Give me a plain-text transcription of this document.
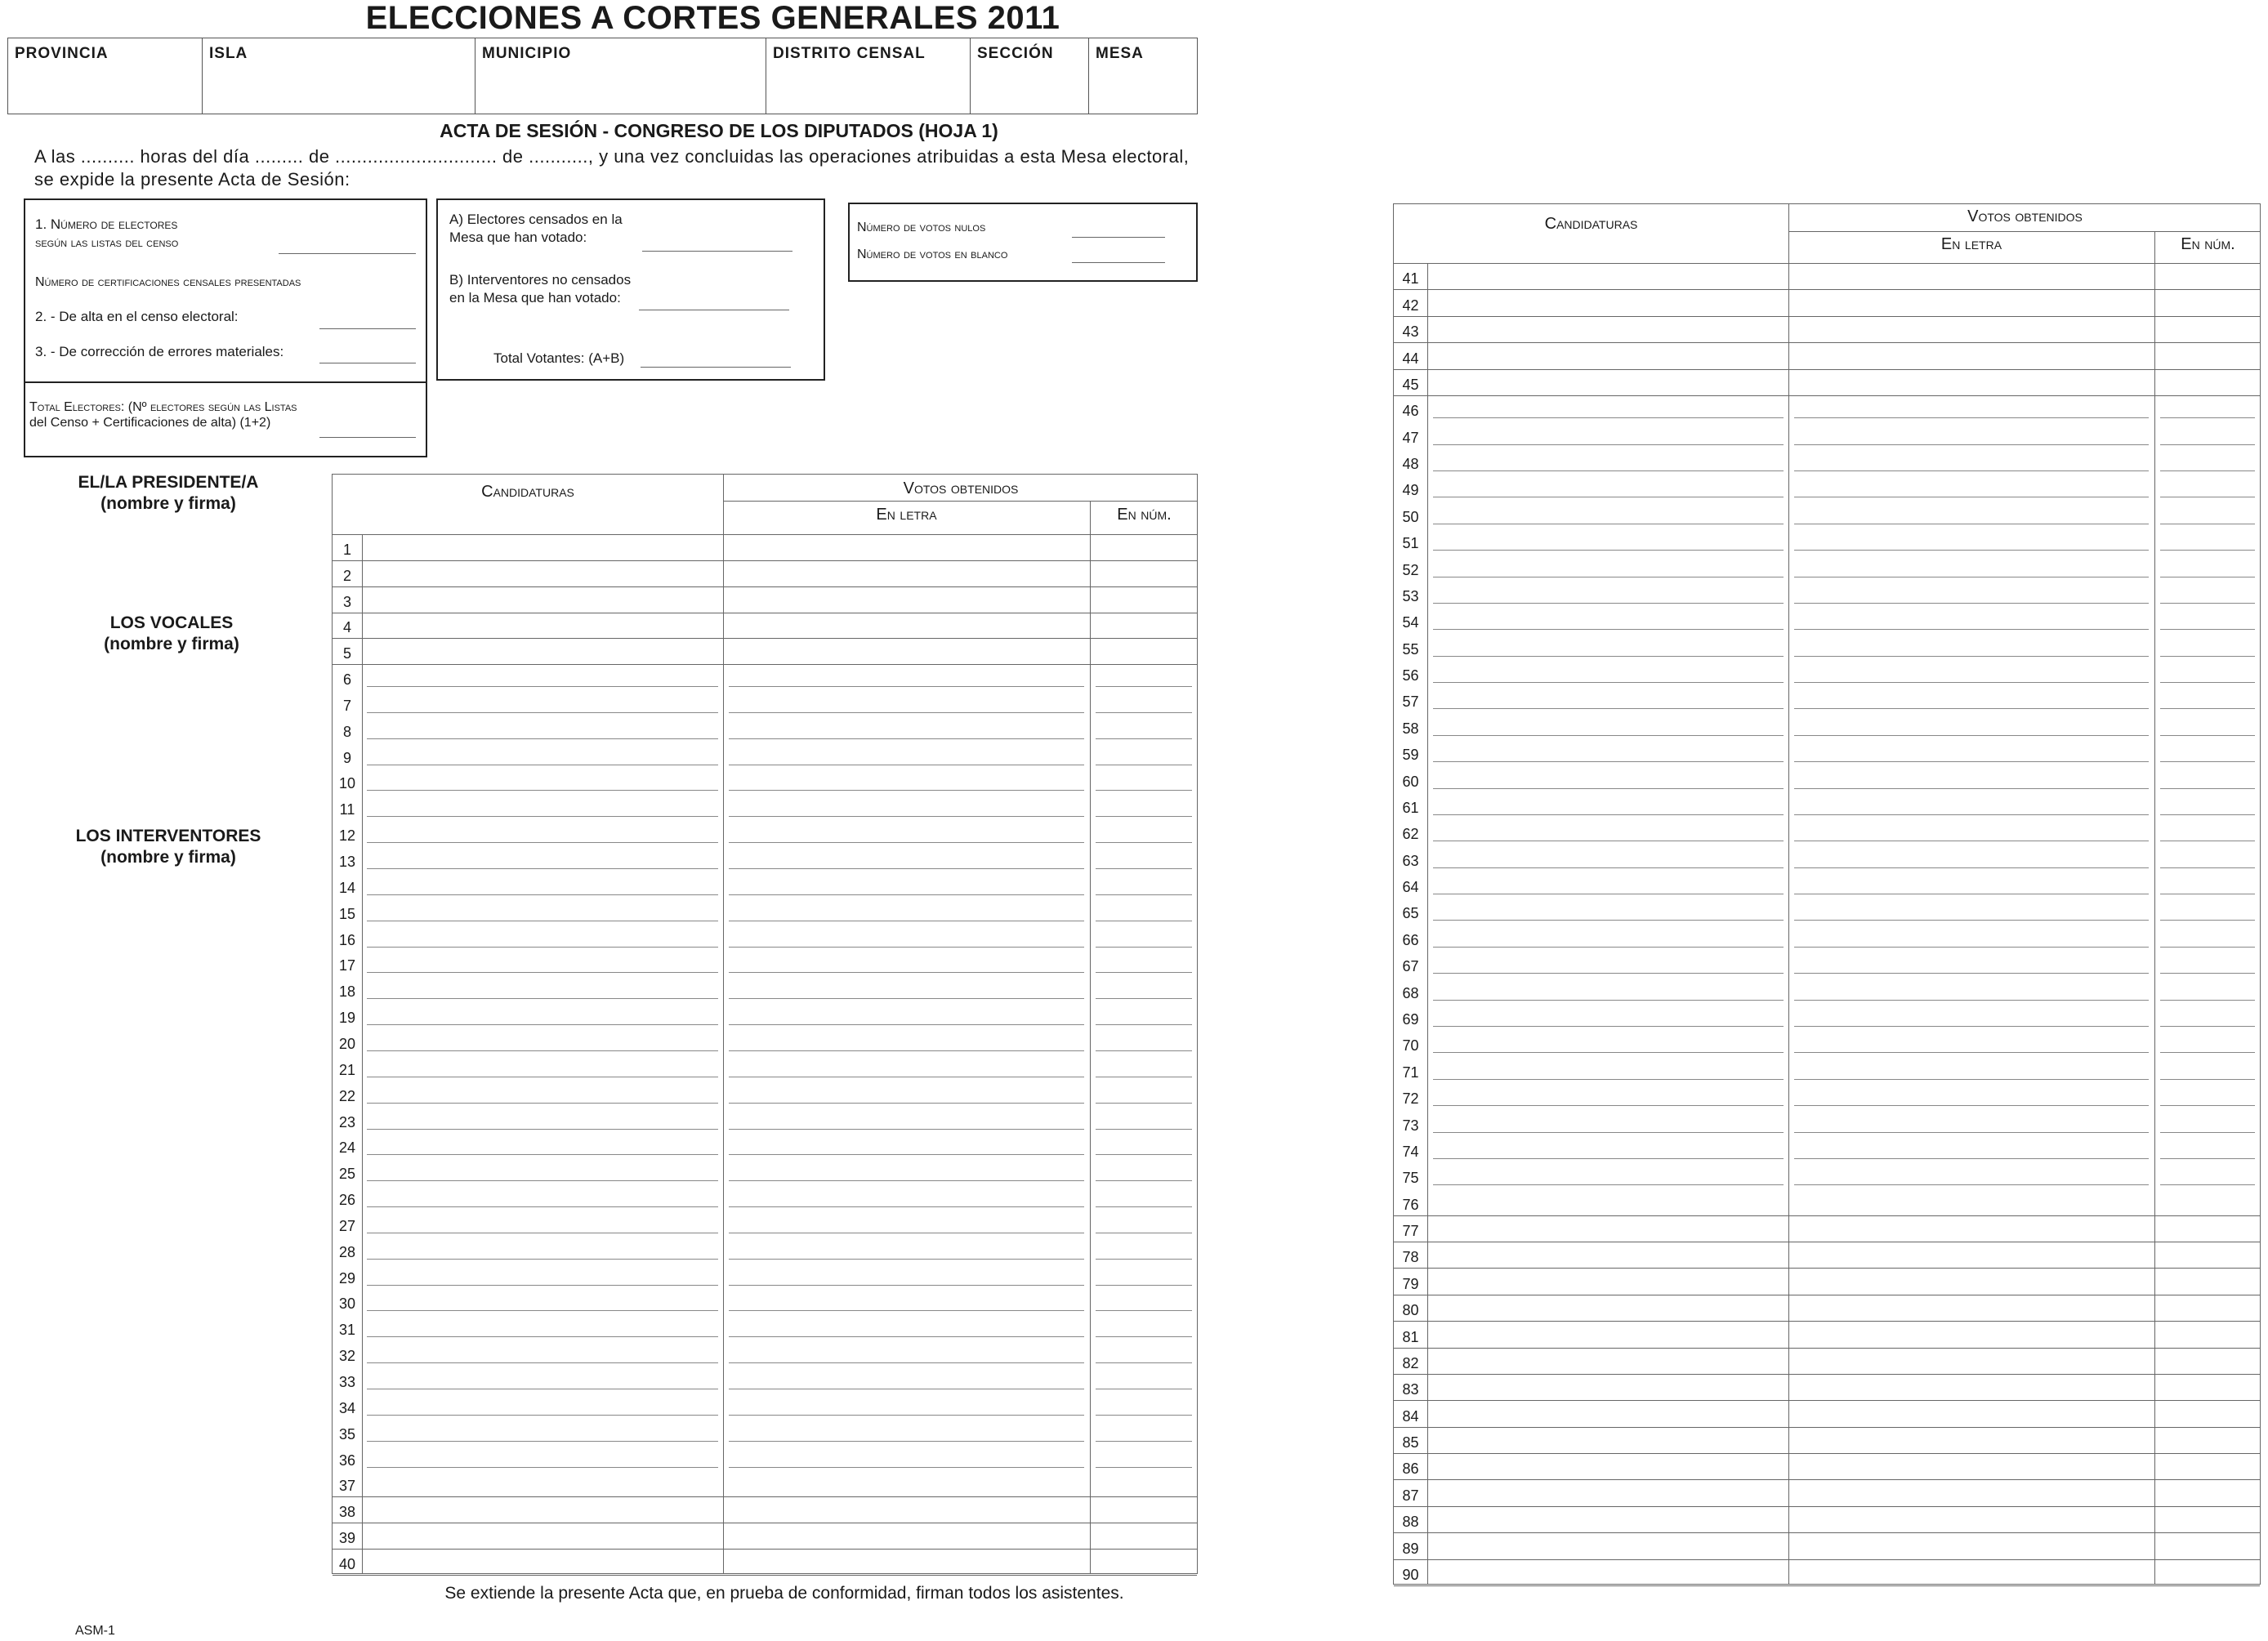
ELECCIONES A CORTES GENERALES 2011
PROVINCIA	ISLA	MUNICIPIO	DISTRITO CENSAL	SECCIÓN	MESA
ACTA DE SESIÓN - CONGRESO DE LOS DIPUTADOS (HOJA 1)
A las .......... horas del día ......... de .............................. de ..........., y una vez concluidas las operaciones atribuidas a esta Mesa electoral,
se expide la presente Acta de Sesión:
1. Número de electores
según las listas del censo
Número de certificaciones censales presentadas
2. - De alta en el censo electoral:
3. - De corrección de errores materiales:
Total Electores: (Nº electores según las Listas
del Censo + Certificaciones de alta) (1+2)
A) Electores censados en la
Mesa que han votado:
B) Interventores no censados
en la Mesa que han votado:
Total Votantes: (A+B)
Número de votos nulos
Número de votos en blanco
EL/LA PRESIDENTE/A
(nombre y firma)
LOS VOCALES
(nombre y firma)
LOS INTERVENTORES
(nombre y firma)
Candidaturas	Votos obtenidos
En letra	En núm.
1
2
3
4
5
6
7
8
9
10
11
12
13
14
15
16
17
18
19
20
21
22
23
24
25
26
27
28
29
30
31
32
33
34
35
36
37
38
39
40
Candidaturas	Votos obtenidos
En letra	En núm.
41
42
43
44
45
46
47
48
49
50
51
52
53
54
55
56
57
58
59
60
61
62
63
64
65
66
67
68
69
70
71
72
73
74
75
76
77
78
79
80
81
82
83
84
85
86
87
88
89
90
Se extiende la presente Acta que, en prueba de conformidad, firman todos los asistentes.
ASM-1
